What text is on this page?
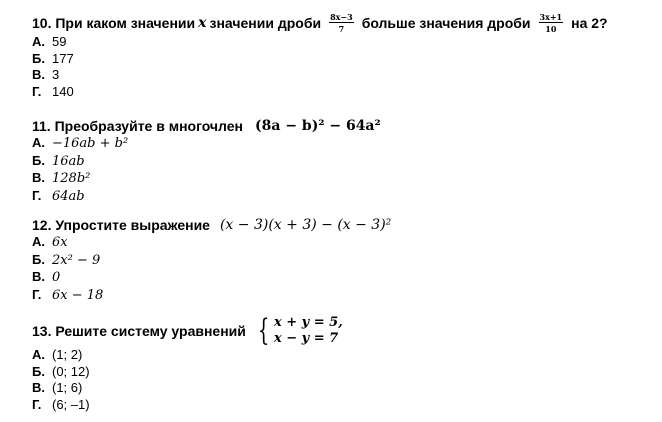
10. При каком значении x значении дроби $\frac{8x-3}{7}$ больше значения дроби $\frac{3x+1}{10}$ на 2?
А. 59
Б. 177
В. 3
Г. 140
11. Преобразуйте в многочлен (8a − b)² − 64a²
А. −16ab + b²
Б. 16ab
В. 128b²
Г. 64ab
12. Упростите выражение (x − 3)(x + 3) − (x − 3)²
А. 6x
Б. 2x² − 9
В. 0
Г. 6x − 18
13. Решите систему уравнений { x + y = 5,
x − y = 7
А. (1; 2)
Б. (0; 12)
В. (1; 6)
Г. (6; –1)
